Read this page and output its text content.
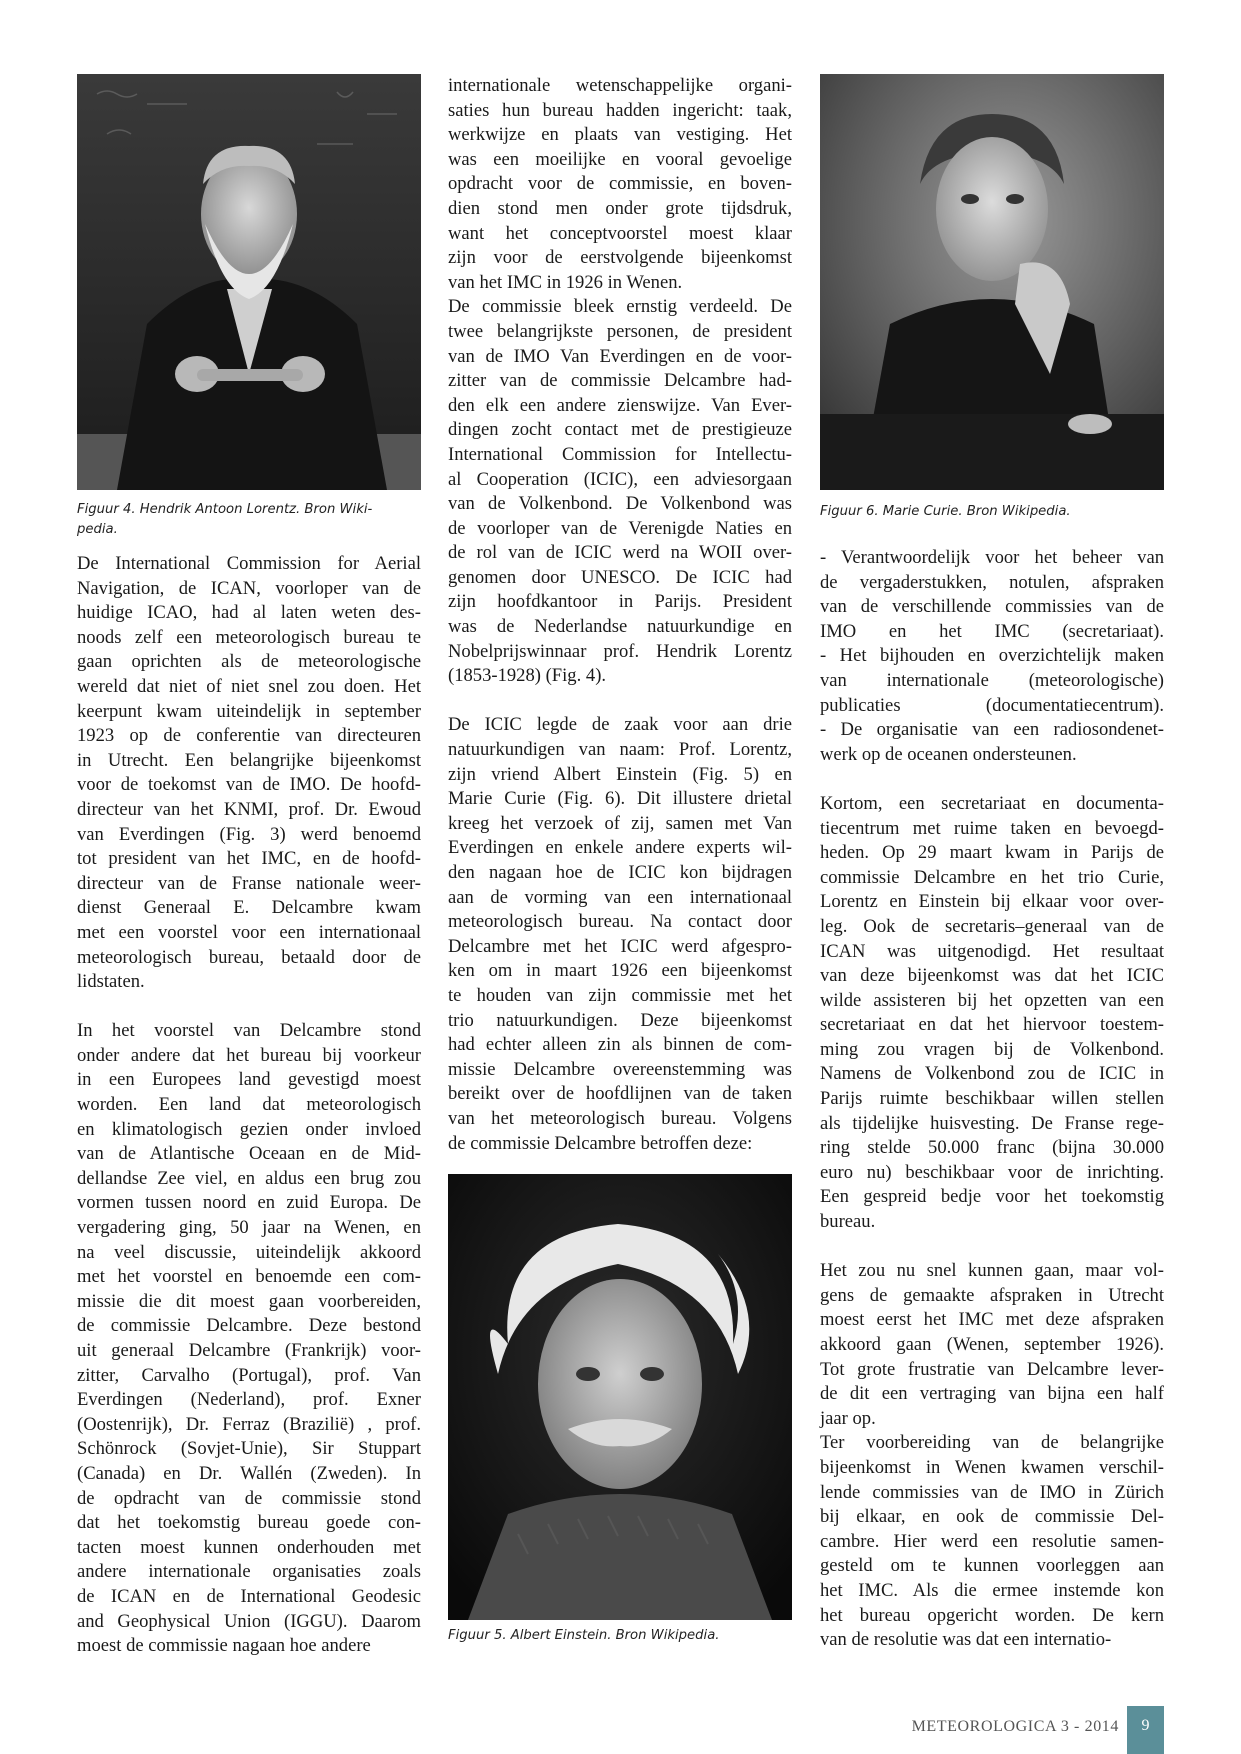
Figuur 4. Hendrik Antoon Lorentz. Bron Wiki-
pedia.

De International Commission for Aerial
Navigation, de ICAN, voorloper van de
huidige ICAO, had al laten weten des-
noods zelf een meteorologisch bureau te
gaan oprichten als de meteorologische
wereld dat niet of niet snel zou doen. Het
keerpunt kwam uiteindelijk in september
1923 op de conferentie van directeuren
in Utrecht. Een belangrijke bijeenkomst
voor de toekomst van de IMO. De hoofd-
directeur van het KNMI, prof. Dr. Ewoud
van Everdingen (Fig. 3) werd benoemd
tot president van het IMC, en de hoofd-
directeur van de Franse nationale weer-
dienst Generaal E. Delcambre kwam
met een voorstel voor een internationaal
meteorologisch bureau, betaald door de
lidstaten.
In het voorstel van Delcambre stond
onder andere dat het bureau bij voorkeur
in een Europees land gevestigd moest
worden. Een land dat meteorologisch
en klimatologisch gezien onder invloed
van de Atlantische Oceaan en de Mid-
dellandse Zee viel, en aldus een brug zou
vormen tussen noord en zuid Europa. De
vergadering ging, 50 jaar na Wenen, en
na veel discussie, uiteindelijk akkoord
met het voorstel en benoemde een com-
missie die dit moest gaan voorbereiden,
de commissie Delcambre. Deze bestond
uit generaal Delcambre (Frankrijk) voor-
zitter, Carvalho (Portugal), prof. Van
Everdingen (Nederland), prof. Exner
(Oostenrijk), Dr. Ferraz (Brazilië) , prof.
Schönrock (Sovjet-Unie), Sir Stuppart
(Canada) en Dr. Wallén (Zweden). In
de opdracht van de commissie stond
dat het toekomstig bureau goede con-
tacten moest kunnen onderhouden met
andere internationale organisaties zoals
de ICAN en de International Geodesic
and Geophysical Union (IGGU). Daarom
moest de commissie nagaan hoe andere
internationale wetenschappelijke organi-
saties hun bureau hadden ingericht: taak,
werkwijze en plaats van vestiging. Het
was een moeilijke en vooral gevoelige
opdracht voor de commissie, en boven-
dien stond men onder grote tijdsdruk,
want het conceptvoorstel moest klaar
zijn voor de eerstvolgende bijeenkomst
van het IMC in 1926 in Wenen.
De commissie bleek ernstig verdeeld. De
twee belangrijkste personen, de president
van de IMO Van Everdingen en de voor-
zitter van de commissie Delcambre had-
den elk een andere zienswijze. Van Ever-
dingen zocht contact met de prestigieuze
International Commission for Intellectu-
al Cooperation (ICIC), een adviesorgaan
van de Volkenbond. De Volkenbond was
de voorloper van de Verenigde Naties en
de rol van de ICIC werd na WOII over-
genomen door UNESCO. De ICIC had
zijn hoofdkantoor in Parijs. President
was de Nederlandse natuurkundige en
Nobelprijswinnaar prof. Hendrik Lorentz
(1853-1928) (Fig. 4).
De ICIC legde de zaak voor aan drie
natuurkundigen van naam: Prof. Lorentz,
zijn vriend Albert Einstein (Fig. 5) en
Marie Curie (Fig. 6). Dit illustere drietal
kreeg het verzoek of zij, samen met Van
Everdingen en enkele andere experts wil-
den nagaan hoe de ICIC kon bijdragen
aan de vorming van een internationaal
meteorologisch bureau. Na contact door
Delcambre met het ICIC werd afgespro-
ken om in maart 1926 een bijeenkomst
te houden van zijn commissie met het
trio natuurkundigen. Deze bijeenkomst
had echter alleen zin als binnen de com-
missie Delcambre overeenstemming was
bereikt over de hoofdlijnen van de taken
van het meteorologisch bureau. Volgens
de commissie Delcambre betroffen deze:

Figuur 5. Albert Einstein. Bron Wikipedia.

Figuur 6. Marie Curie. Bron Wikipedia.

- Verantwoordelijk voor het beheer van
de vergaderstukken, notulen, afspraken
van de verschillende commissies van de
IMO en het IMC (secretariaat).
- Het bijhouden en overzichtelijk maken
van internationale (meteorologische)
publicaties (documentatiecentrum).
- De organisatie van een radiosondenet-
werk op de oceanen ondersteunen.
Kortom, een secretariaat en documenta-
tiecentrum met ruime taken en bevoegd-
heden. Op 29 maart kwam in Parijs de
commissie Delcambre en het trio Curie,
Lorentz en Einstein bij elkaar voor over-
leg. Ook de secretaris–generaal van de
ICAN was uitgenodigd. Het resultaat
van deze bijeenkomst was dat het ICIC
wilde assisteren bij het opzetten van een
secretariaat en dat het hiervoor toestem-
ming zou vragen bij de Volkenbond.
Namens de Volkenbond zou de ICIC in
Parijs ruimte beschikbaar willen stellen
als tijdelijke huisvesting. De Franse rege-
ring stelde 50.000 franc (bijna 30.000
euro nu) beschikbaar voor de inrichting.
Een gespreid bedje voor het toekomstig
bureau.
Het zou nu snel kunnen gaan, maar vol-
gens de gemaakte afspraken in Utrecht
moest eerst het IMC met deze afspraken
akkoord gaan (Wenen, september 1926).
Tot grote frustratie van Delcambre lever-
de dit een vertraging van bijna een half
jaar op.
Ter voorbereiding van de belangrijke
bijeenkomst in Wenen kwamen verschil-
lende commissies van de IMO in Zürich
bij elkaar, en ook de commissie Del-
cambre. Hier werd een resolutie samen-
gesteld om te kunnen voorleggen aan
het IMC. Als die ermee instemde kon
het bureau opgericht worden. De kern
van de resolutie was dat een internatio-
METEOROLOGICA 3 - 2014	9
